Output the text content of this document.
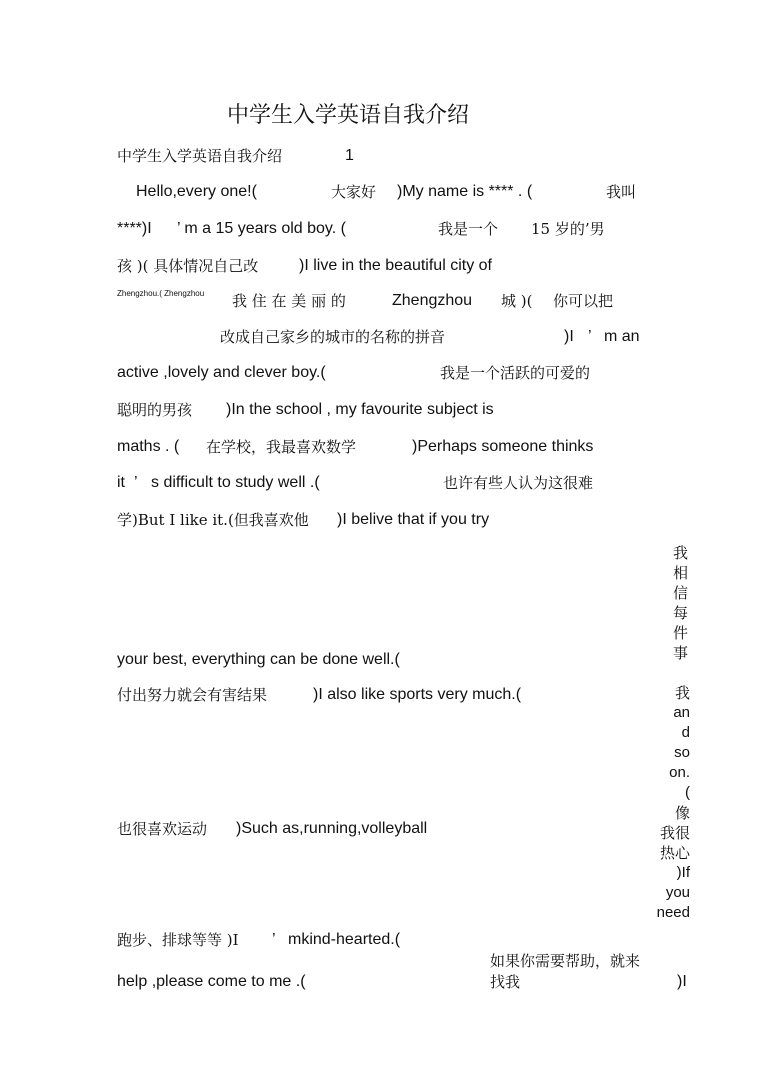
中学生入学英语自我介绍
中学生入学英语自我介绍	1
Hello,every one!(	大家好 )My name is **** . (	我叫
****)I ’ m a 15 years old boy. (	我是一个 15 岁的’男
孩 )( 具体情况自己改	)I live in the beautiful city of
Zhengzhou.( Zhengzhou 我 住 在 美 丽 的	Zhengzhou 城 )( 你可以把
改成自己家乡的城市的名称的拼音	)I ’ m an
active ,lovely and clever boy.(	我是一个活跃的可爱的
聪明的男孩 )In the school , my favourite subject is
maths . ( 在学校，我最喜欢数学	)Perhaps someone thinks
it ’ s difficult to study well .(	也许有些人认为这很难
学)But I like it.(但我喜欢他 )I belive that if you try
我
相
信
每
件
事
your best, everything can be done well.(
付出努力就会有害结果	)I also like sports very much.(	我
an
d
so
on.
(
像
我很
热心
)If
you
need
也很喜欢运动 )Such as,running,volleyball
跑步、排球等等 )I ’ mkind-hearted.(
如果你需要帮助，就来
help ,please come to me .(	找我	)I
